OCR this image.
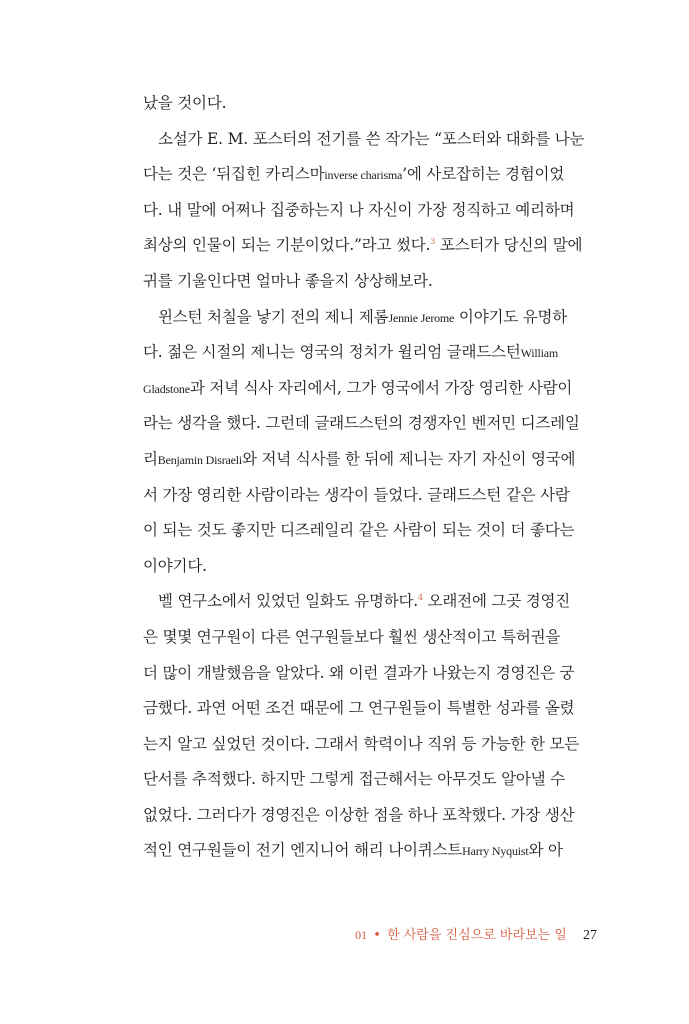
났을 것이다.
소설가 E. M. 포스터의 전기를 쓴 작가는 “포스터와 대화를 나눈
다는 것은 ‘뒤집힌 카리스마inverse charisma’에 사로잡히는 경험이었
다. 내 말에 어쩌나 집중하는지 나 자신이 가장 정직하고 예리하며
최상의 인물이 되는 기분이었다.”라고 썼다.$^3$ 포스터가 당신의 말에
귀를 기울인다면 얼마나 좋을지 상상해보라.
윈스턴 처칠을 낳기 전의 제니 제롬Jennie Jerome 이야기도 유명하
다. 젊은 시절의 제니는 영국의 정치가 윌리엄 글래드스턴William
Gladstone과 저녁 식사 자리에서, 그가 영국에서 가장 영리한 사람이
라는 생각을 했다. 그런데 글래드스턴의 경쟁자인 벤저민 디즈레일
리Benjamin Disraeli와 저녁 식사를 한 뒤에 제니는 자기 자신이 영국에
서 가장 영리한 사람이라는 생각이 들었다. 글래드스턴 같은 사람
이 되는 것도 좋지만 디즈레일리 같은 사람이 되는 것이 더 좋다는
이야기다.
벨 연구소에서 있었던 일화도 유명하다.$^4$ 오래전에 그곳 경영진
은 몇몇 연구원이 다른 연구원들보다 훨씬 생산적이고 특허권을
더 많이 개발했음을 알았다. 왜 이런 결과가 나왔는지 경영진은 궁
금했다. 과연 어떤 조건 때문에 그 연구원들이 특별한 성과를 올렸
는지 알고 싶었던 것이다. 그래서 학력이나 직위 등 가능한 한 모든
단서를 추적했다. 하지만 그렇게 접근해서는 아무것도 알아낼 수
없었다. 그러다가 경영진은 이상한 점을 하나 포착했다. 가장 생산
적인 연구원들이 전기 엔지니어 해리 나이퀴스트Harry Nyquist와 아
01 • 한 사람을 진심으로 바라보는 일 27
